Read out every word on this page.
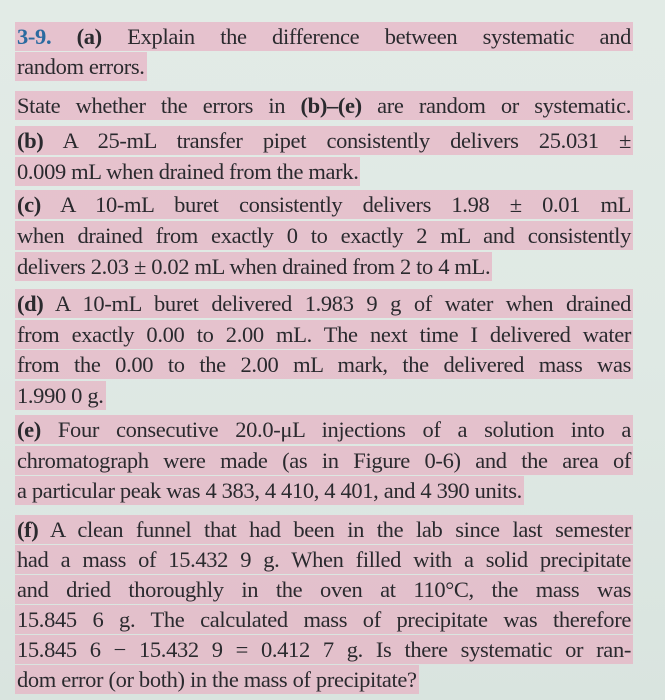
3-9. (a) Explain the difference between systematic and
random errors.
State whether the errors in (b)–(e) are random or systematic.
(b) A 25-mL transfer pipet consistently delivers 25.031 ±
0.009 mL when drained from the mark.
(c) A 10-mL buret consistently delivers 1.98 ± 0.01 mL
when drained from exactly 0 to exactly 2 mL and consistently
delivers 2.03 ± 0.02 mL when drained from 2 to 4 mL.
(d) A 10-mL buret delivered 1.983 9 g of water when drained
from exactly 0.00 to 2.00 mL. The next time I delivered water
from the 0.00 to the 2.00 mL mark, the delivered mass was
1.990 0 g.
(e) Four consecutive 20.0-μL injections of a solution into a
chromatograph were made (as in Figure 0-6) and the area of
a particular peak was 4 383, 4 410, 4 401, and 4 390 units.
(f) A clean funnel that had been in the lab since last semester
had a mass of 15.432 9 g. When filled with a solid precipitate
and dried thoroughly in the oven at 110°C, the mass was
15.845 6 g. The calculated mass of precipitate was therefore
15.845 6 − 15.432 9 = 0.412 7 g. Is there systematic or ran-
dom error (or both) in the mass of precipitate?
